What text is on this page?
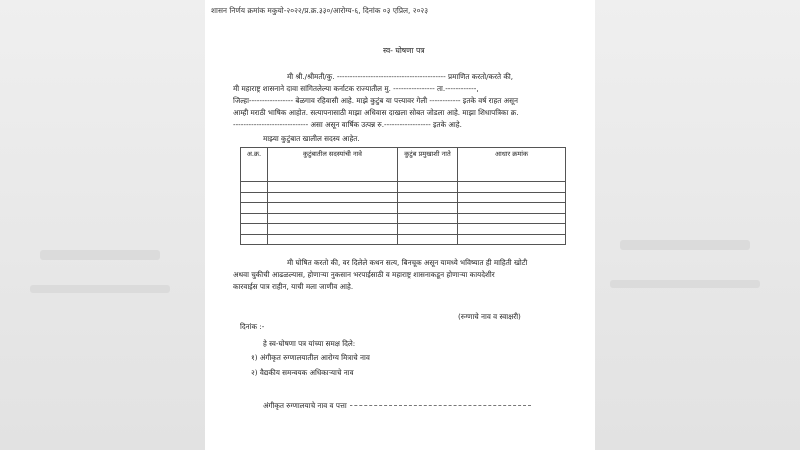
शासन निर्णय क्रमांक मकुयो-२०२२/प्र.क्र.३३०/आरोग्य-६, दिनांक ०३ एप्रिल, २०२३
स्व- घोषणा पत्र
मी श्री./श्रीमती/कु. ------------------------------------------ प्रमाणित करतो/करते की,
मी महाराष्ट्र शासनाने दावा सांगितलेल्या कर्नाटक राज्यातील मु. ---------------- ता.------------,
जिल्हा----------------- बेळगाव रहिवासी आहे. माझे कुटुंब या पत्त्यावर गेली ------------ इतके वर्ष राहत असून
आम्ही मराठी भाषिक आहोत. सत्यापनासाठी माझा अधिवास दाखला सोबत जोडला आहे. माझा शिधापत्रिका क्र.
----------------------------- असा असून वार्षिक उत्पन्न रु.------------------ इतके आहे.
माझ्या कुटुंबात खालील सदस्य आहेत.
अ.क्र.	कुटुंबातील सदस्यांची नावे	कुटुंब प्रमुखाशी नाते	आधार क्रमांक

मी घोषित करतो की, वर दिलेले कथन सत्य, बिनचूक असून यामध्ये भविष्यात ही माहिती खोटी
अथवा चुकीची आढळल्यास, होणाऱ्या नुकसान भरपाईसाठी व महाराष्ट्र शासनाकडून होणाऱ्या कायदेशीर
कारवाईस पात्र राहीन, याची मला जाणीव आहे.
(रुग्णाचे नाव व स्वाक्षरी)
दिनांक :-
हे स्व-घोषणा पत्र यांच्या समक्ष दिले:
१) अंगीकृत रुग्णालयातील आरोग्य मित्राचे नाव
२) वैद्यकीय समन्वयक अधिकाऱ्याचे नाव
अंगीकृत रुग्णालयाचे नाव व पत्ता
